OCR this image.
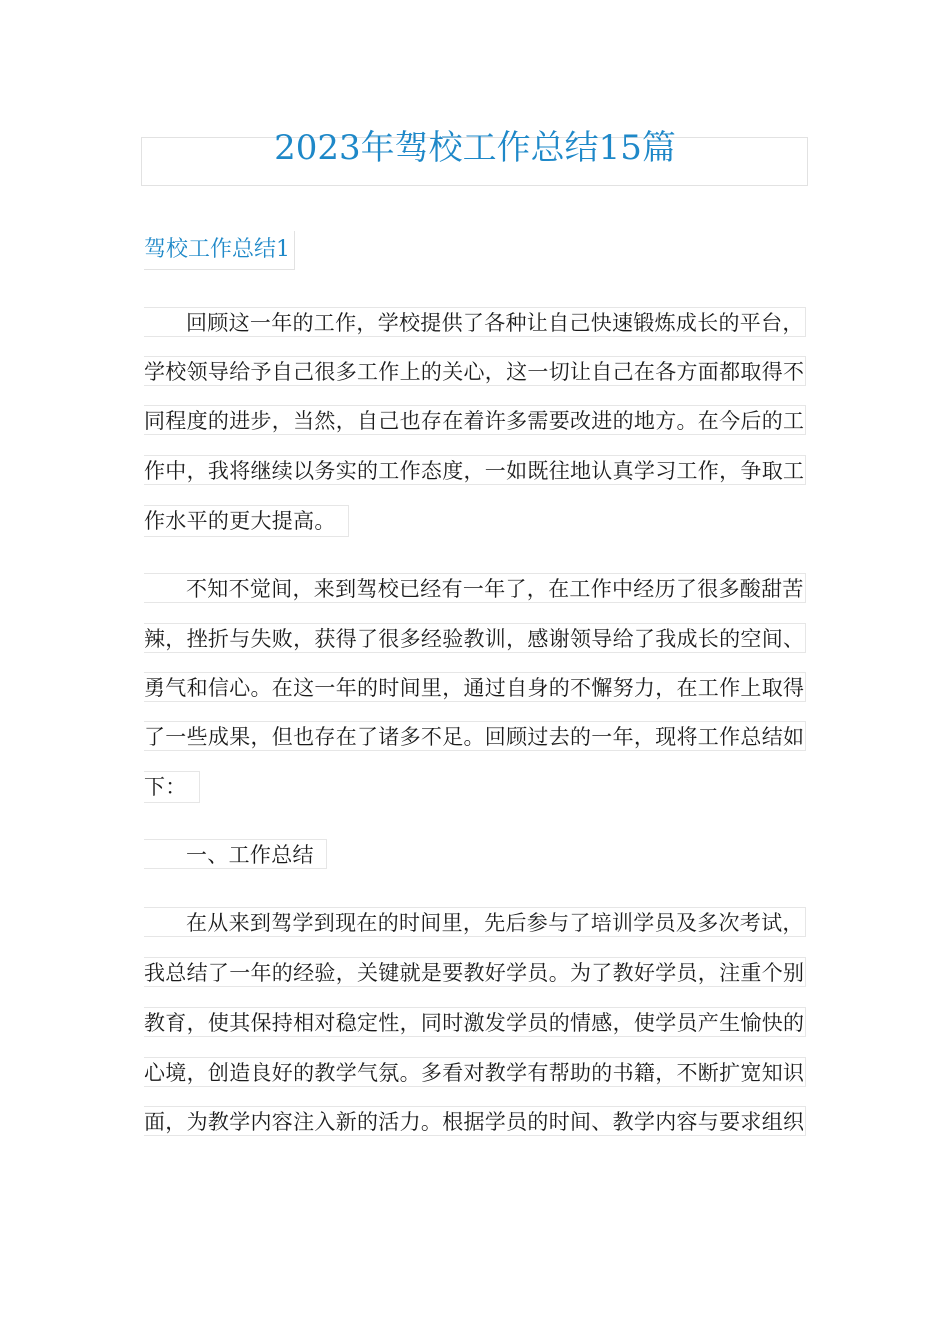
2023年驾校工作总结15篇
驾校工作总结1
回顾这一年的工作，学校提供了各种让自己快速锻炼成长的平台，
学校领导给予自己很多工作上的关心，这一切让自己在各方面都取得不
同程度的进步，当然，自己也存在着许多需要改进的地方。在今后的工
作中，我将继续以务实的工作态度，一如既往地认真学习工作，争取工
作水平的更大提高。
不知不觉间，来到驾校已经有一年了，在工作中经历了很多酸甜苦
辣，挫折与失败，获得了很多经验教训，感谢领导给了我成长的空间、
勇气和信心。在这一年的时间里，通过自身的不懈努力，在工作上取得
了一些成果，但也存在了诸多不足。回顾过去的一年，现将工作总结如
下：
一、工作总结
在从来到驾学到现在的时间里，先后参与了培训学员及多次考试，
我总结了一年的经验，关键就是要教好学员。为了教好学员，注重个别
教育，使其保持相对稳定性，同时激发学员的情感，使学员产生愉快的
心境，创造良好的教学气氛。多看对教学有帮助的书籍，不断扩宽知识
面，为教学内容注入新的活力。根据学员的时间、教学内容与要求组织
